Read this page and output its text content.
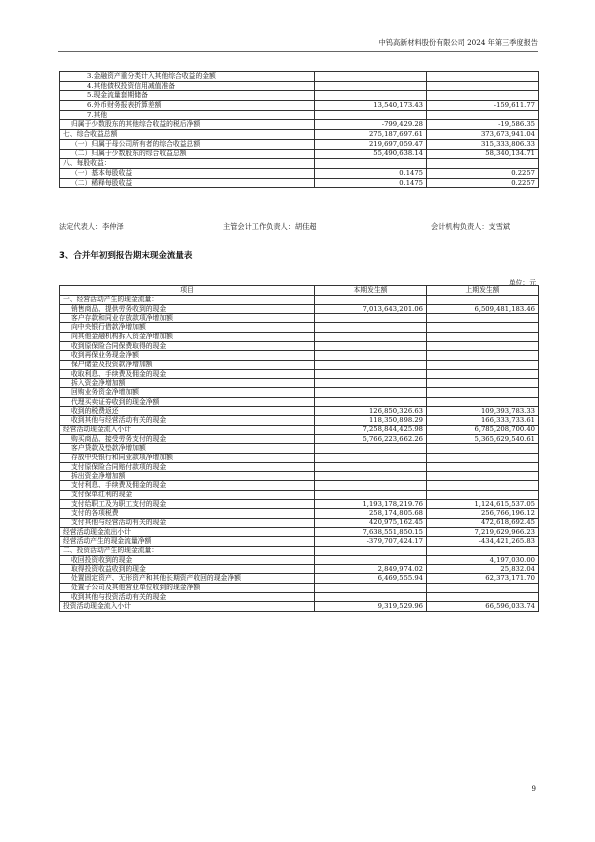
中钨高新材料股份有限公司 2024 年第三季度报告
3.金融资产重分类计入其他综合收益的金额		
4.其他债权投资信用减值准备		
5.现金流量套期储备		
6.外币财务报表折算差额	13,540,173.43	-159,611.77
7.其他		
归属于少数股东的其他综合收益的税后净额	-799,429.28	-19,586.35
七、综合收益总额	275,187,697.61	373,673,941.04
（一）归属于母公司所有者的综合收益总额	219,697,059.47	315,333,806.33
（二）归属于少数股东的综合收益总额	55,490,638.14	58,340,134.71
八、每股收益：		
（一）基本每股收益	0.1475	0.2257
（二）稀释每股收益	0.1475	0.2257
法定代表人：李仲泽	主管会计工作负责人：胡佳超	会计机构负责人：支雪斌
3、合并年初到报告期末现金流量表
单位：元
项目	本期发生额	上期发生额
一、经营活动产生的现金流量：		
销售商品、提供劳务收到的现金	7,013,643,201.06	6,509,481,183.46
客户存款和同业存放款项净增加额		
向中央银行借款净增加额		
向其他金融机构拆入资金净增加额		
收到原保险合同保费取得的现金		
收到再保业务现金净额		
保户储金及投资款净增加额		
收取利息、手续费及佣金的现金		
拆入资金净增加额		
回购业务资金净增加额		
代理买卖证券收到的现金净额		
收到的税费返还	126,850,326.63	109,393,783.33
收到其他与经营活动有关的现金	118,350,898.29	166,333,733.61
经营活动现金流入小计	7,258,844,425.98	6,785,208,700.40
购买商品、接受劳务支付的现金	5,766,223,662.26	5,365,629,540.61
客户贷款及垫款净增加额		
存放中央银行和同业款项净增加额		
支付原保险合同赔付款项的现金		
拆出资金净增加额		
支付利息、手续费及佣金的现金		
支付保单红利的现金		
支付给职工及为职工支付的现金	1,193,178,219.76	1,124,615,537.05
支付的各项税费	258,174,805.68	256,766,196.12
支付其他与经营活动有关的现金	420,975,162.45	472,618,692.45
经营活动现金流出小计	7,638,551,850.15	7,219,629,966.23
经营活动产生的现金流量净额	-379,707,424.17	-434,421,265.83
二、投资活动产生的现金流量：		
收回投资收到的现金		4,197,030.00
取得投资收益收到的现金	2,849,974.02	25,832.04
处置固定资产、无形资产和其他长期资产收回的现金净额	6,469,555.94	62,373,171.70
处置子公司及其他营业单位收到的现金净额		
收到其他与投资活动有关的现金		
投资活动现金流入小计	9,319,529.96	66,596,033.74
9
